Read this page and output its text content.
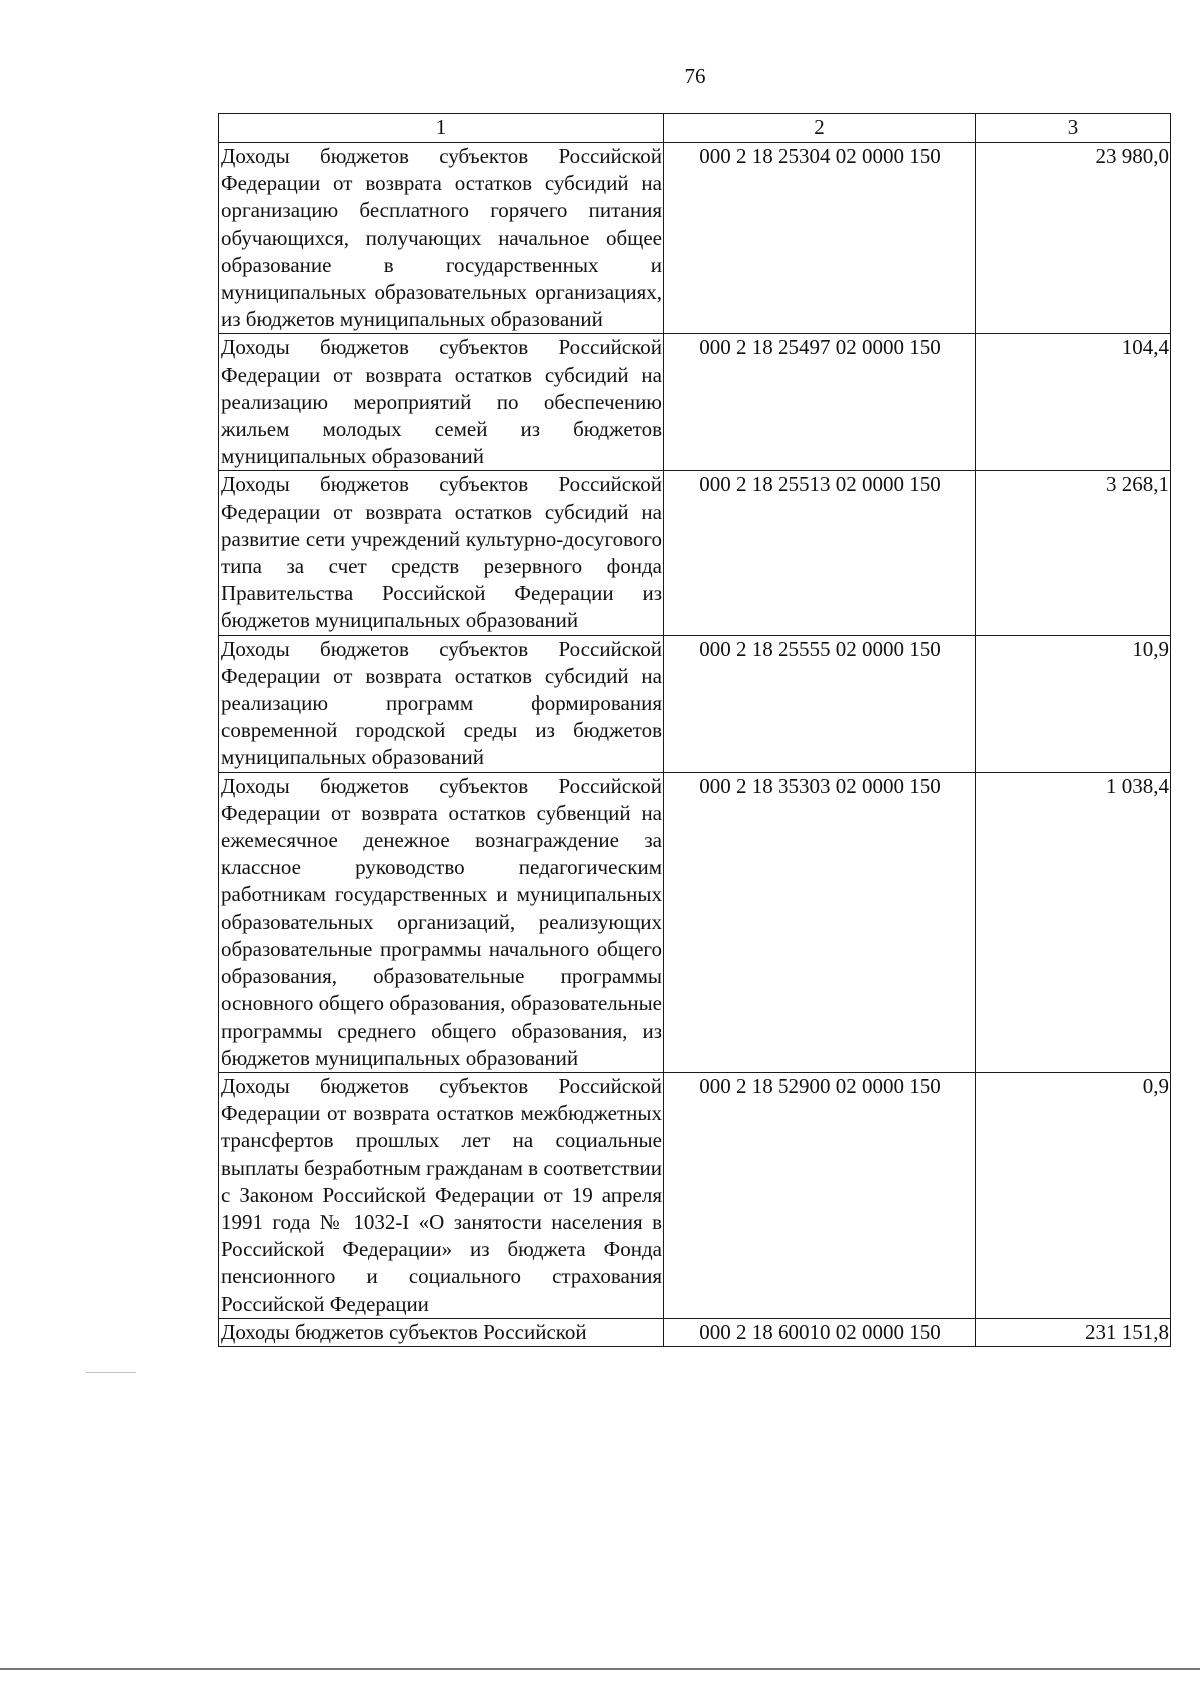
76
1	2	3
Доходы бюджетов субъектов Российской Федерации от возврата остатков субсидий на организацию бесплатного горячего питания обучающихся, получающих начальное общее образование в государственных и муниципальных образовательных организациях, из бюджетов муниципальных образований	000 2 18 25304 02 0000 150	23 980,0
Доходы бюджетов субъектов Российской Федерации от возврата остатков субсидий на реализацию мероприятий по обеспечению жильем молодых семей из бюджетов муниципальных образований	000 2 18 25497 02 0000 150	104,4
Доходы бюджетов субъектов Российской Федерации от возврата остатков субсидий на развитие сети учреждений культурно-досугового типа за счет средств резервного фонда Правительства Российской Федерации из бюджетов муниципальных образований	000 2 18 25513 02 0000 150	3 268,1
Доходы бюджетов субъектов Российской Федерации от возврата остатков субсидий на реализацию программ формирования современной городской среды из бюджетов муниципальных образований	000 2 18 25555 02 0000 150	10,9
Доходы бюджетов субъектов Российской Федерации от возврата остатков субвенций на ежемесячное денежное вознаграждение за классное руководство педагогическим работникам государственных и муниципальных образовательных организаций, реализующих образовательные программы начального общего образования, образовательные программы основного общего образования, образовательные программы среднего общего образования, из бюджетов муниципальных образований	000 2 18 35303 02 0000 150	1 038,4
Доходы бюджетов субъектов Российской Федерации от возврата остатков межбюджетных трансфертов прошлых лет на социальные выплаты безработным гражданам в соответствии с Законом Российской Федерации от 19 апреля 1991 года № 1032-I «О занятости населения в Российской Федерации» из бюджета Фонда пенсионного и социального страхования Российской Федерации	000 2 18 52900 02 0000 150	0,9
Доходы бюджетов субъектов Российской	000 2 18 60010 02 0000 150	231 151,8
